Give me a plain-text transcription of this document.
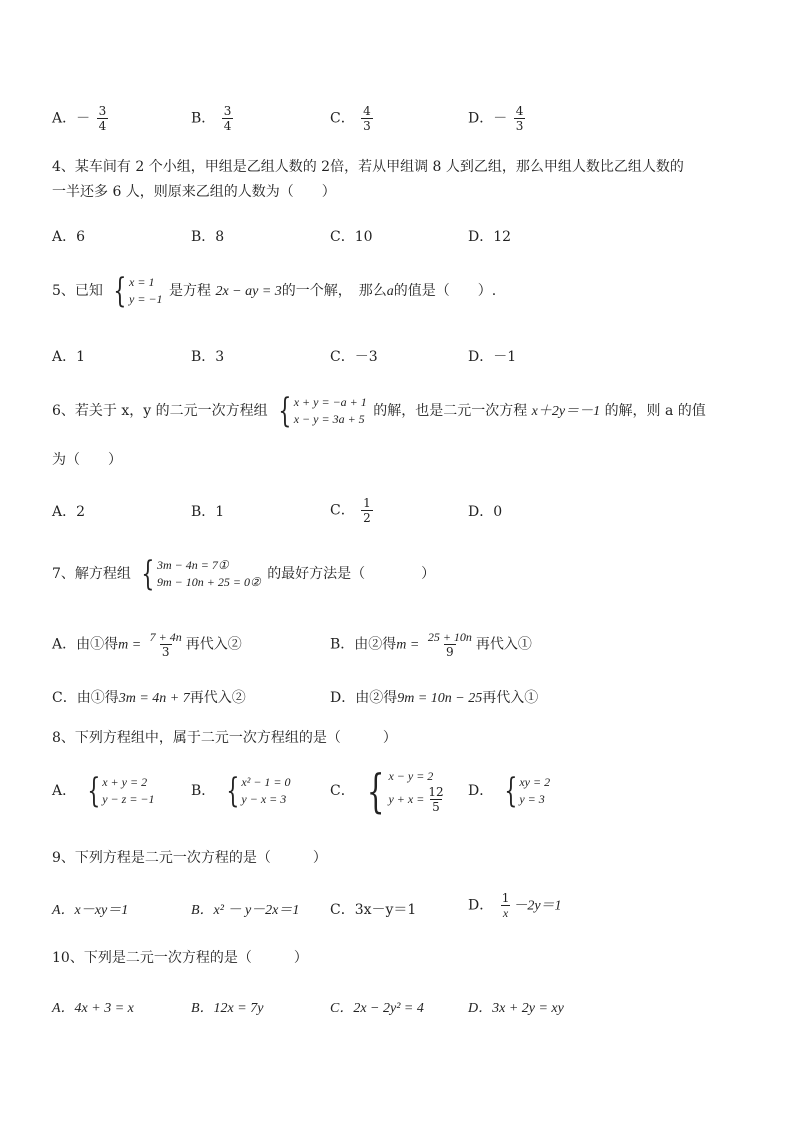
A．－ $\frac{3}{4}$	B． $\frac{3}{4}$	C． $\frac{4}{3}$	D．－ $\frac{4}{3}$
4、某车间有 2 个小组，甲组是乙组人数的 2倍，若从甲组调 8 人到乙组，那么甲组人数比乙组人数的
一半还多 6 人，则原来乙组的人数为（　　）
A．6	B．8	C．10	D．12
5、已知 { x = 1
y = −1 是方程 2x − ay = 3的一个解，　那么a的值是（　　）.
A．1	B．3	C．－3	D．－1
6、若关于 x，y 的二元一次方程组 { x + y = −a + 1
x − y = 3a + 5 的解，也是二元一次方程 x＋2y＝－1 的解，则 a 的值
为（　　）
A．2	B．1	C． $\frac{1}{2}$	D．0
7、解方程组 { 3m − 4n = 7①
9m − 10n + 25 = 0② 的最好方法是（　　　　）
A．由①得$m = \frac{7 + 4n}{3}$ 再代入②	B．由②得$m = \frac{25 + 10n}{9}$ 再代入①
C．由①得3m = 4n + 7再代入②	D．由②得9m = 10n − 25再代入①
8、下列方程组中，属于二元一次方程组的是（　　　）
A． { x + y = 2
y − z = −1	B． { x² − 1 = 0
y − x = 3	C． { x − y = 2
$y + x = \frac{12}{5}$ D． { xy = 2
y = 3
9、下列方程是二元一次方程的是（　　　）
A．x－xy＝1	B．x² － y－2x＝1 C．3x－y＝1	D． $\frac{1}{x} -2y=1$
10、下列是二元一次方程的是（　　　）
A．4x + 3 = x	B．12x = 7y	C．2x − 2y² = 4	D．3x + 2y = xy
